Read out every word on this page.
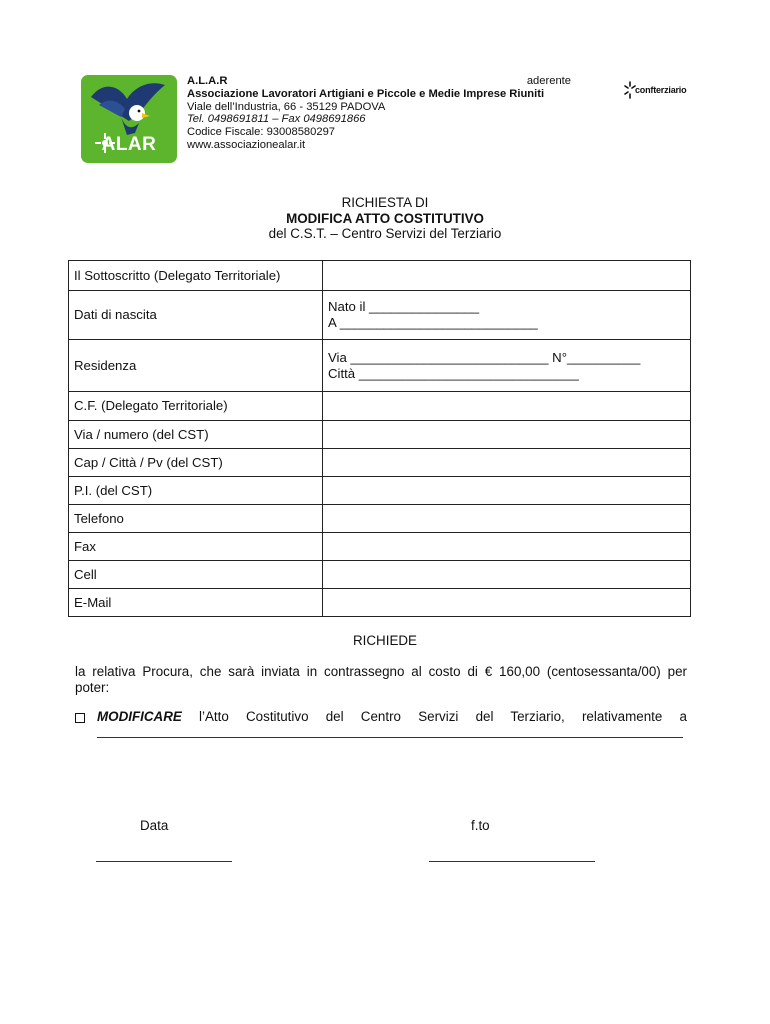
ALAR
A.L.A.R	aderente
Associazione Lavoratori Artigiani e Piccole e Medie Imprese Riuniti
Viale dell’Industria, 66 - 35129 PADOVA
Tel. 0498691811 – Fax 0498691866
Codice Fiscale: 93008580297
www.associazionealar.it
confterziario
RICHIESTA DI
MODIFICA ATTO COSTITUTIVO
del C.S.T. – Centro Servizi del Terziario
Il Sottoscritto (Delegato Territoriale)	
Dati di nascita	Nato il _______________
A ___________________________

Residenza	Via ___________________________ N°__________
Città ______________________________

C.F. (Delegato Territoriale)	
Via / numero (del CST)	
Cap / Città / Pv (del CST)	
P.I. (del CST)	
Telefono	
Fax	
Cell	
E-Mail	
RICHIEDE
la relativa Procura, che sarà inviata in contrassegno al costo di € 160,00 (centosessanta/00) per
poter:
MODIFICARE l’Atto Costitutivo del Centro Servizi del Terziario, relativamente a
Data	f.to
